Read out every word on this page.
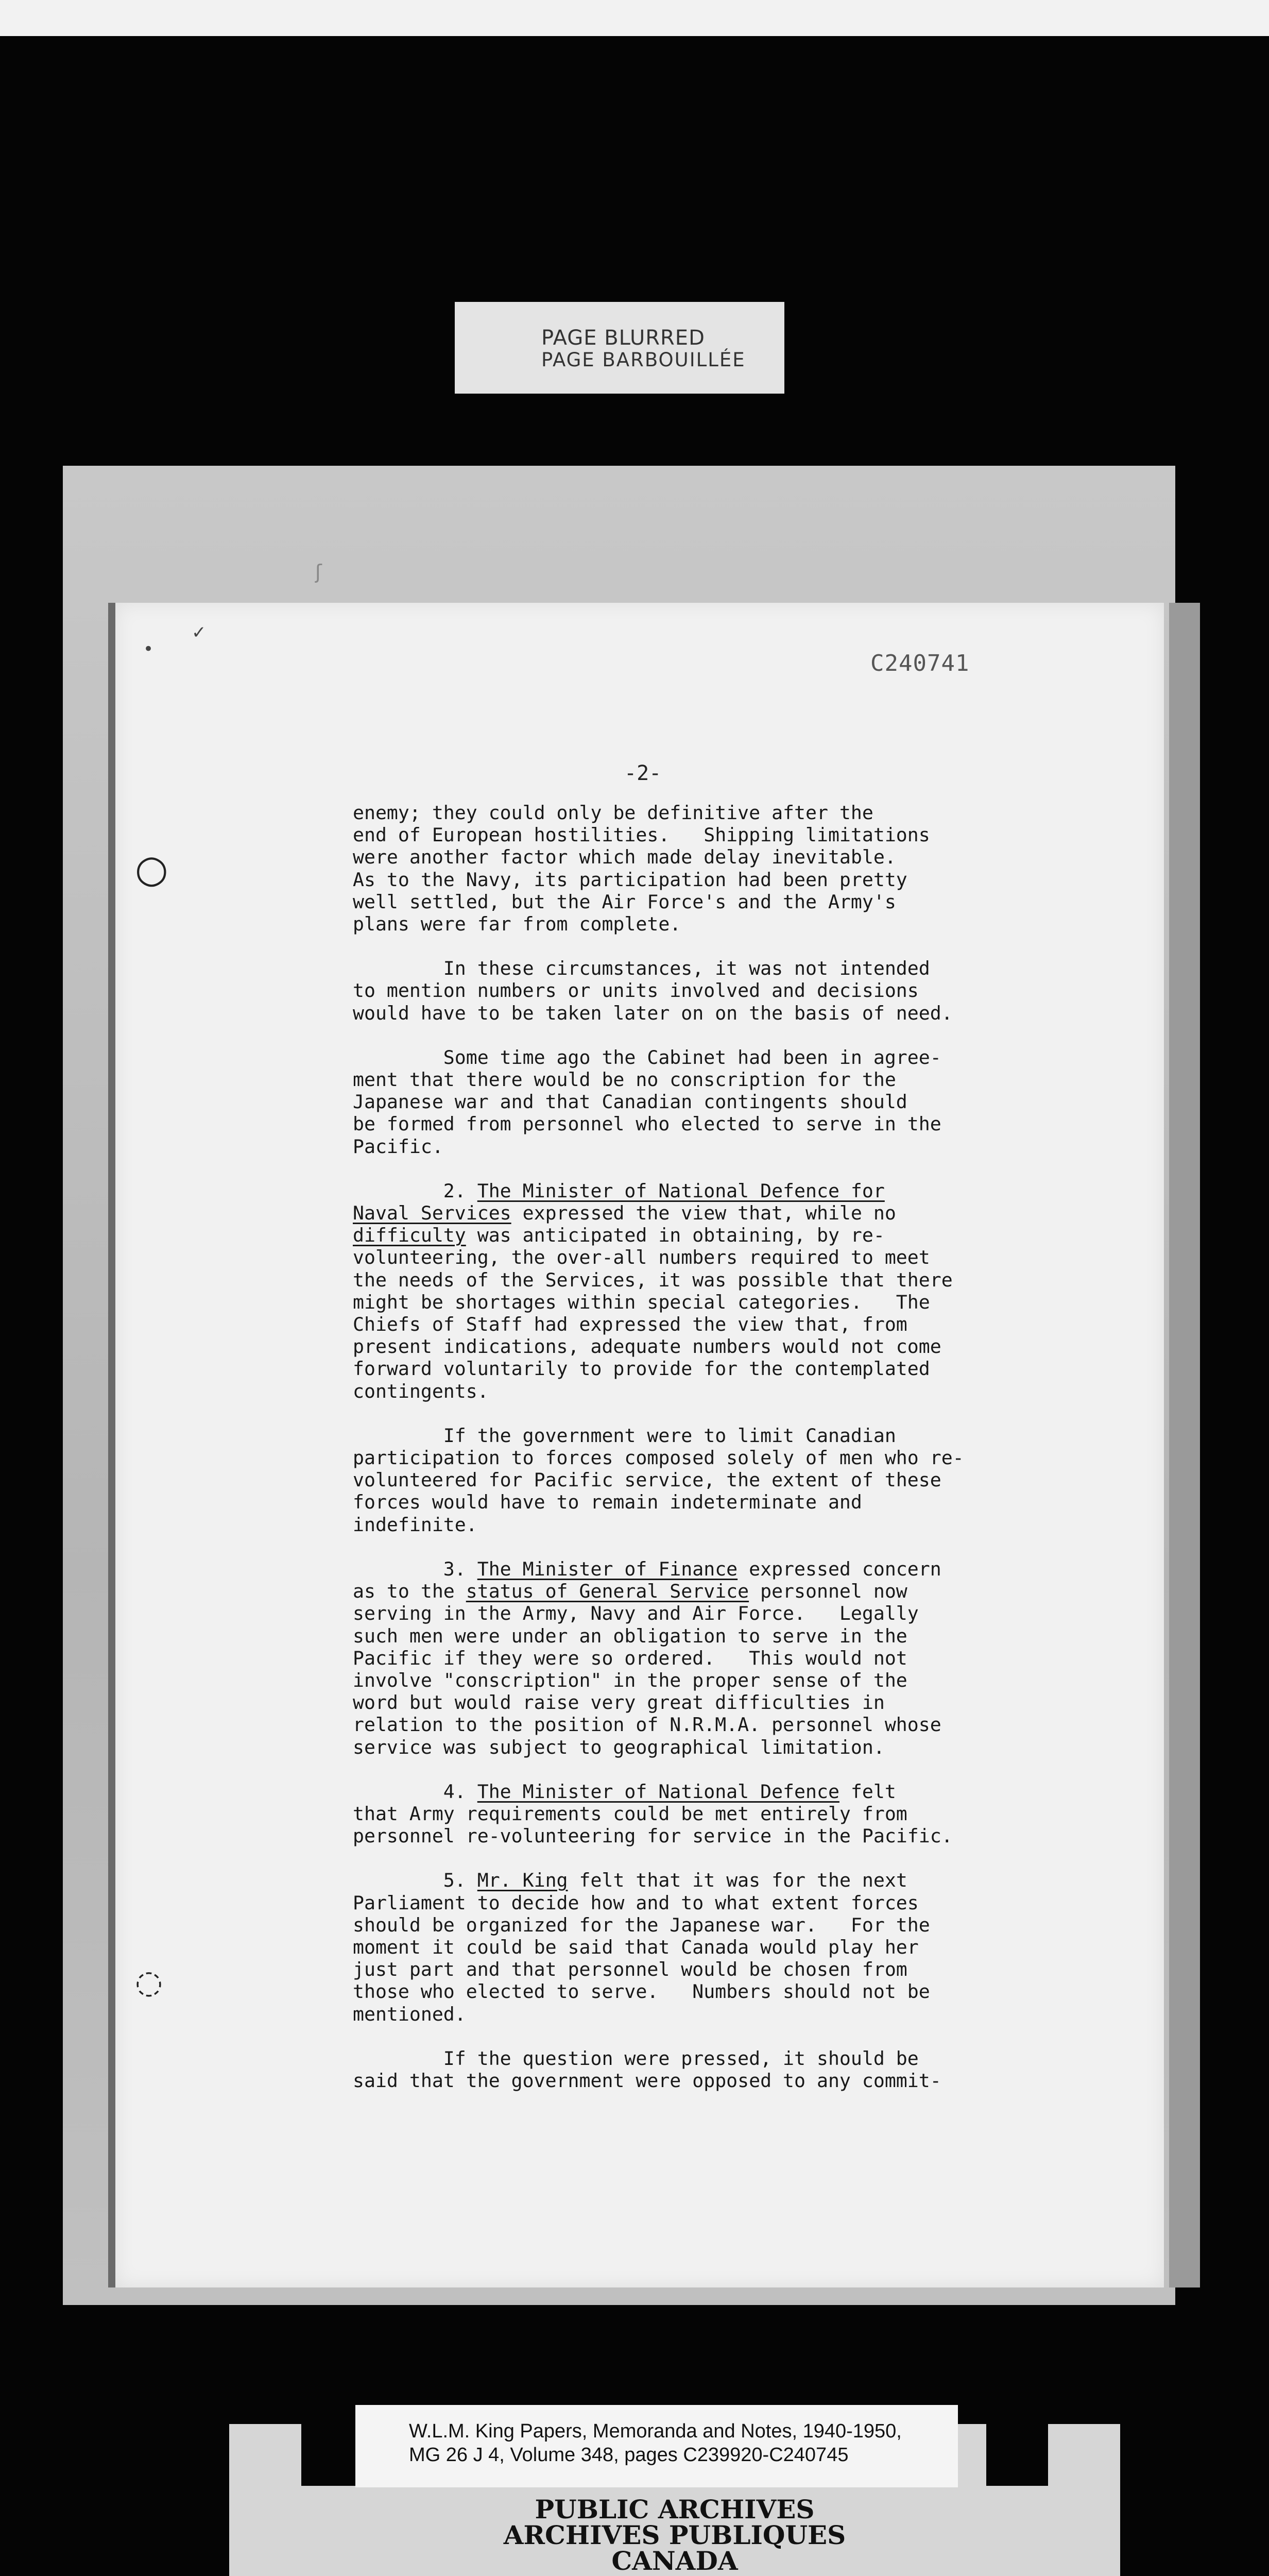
PAGE BLURRED
PAGE BARBOUILLÉE
ʃ
•
✓
○
◌
C240741
-2-

enemy; they could only be definitive after the
end of European hostilities.   Shipping limitations
were another factor which made delay inevitable.
As to the Navy, its participation had been pretty
well settled, but the Air Force's and the Army's
plans were far from complete.

In these circumstances, it was not intended
to mention numbers or units involved and decisions
would have to be taken later on on the basis of need.

Some time ago the Cabinet had been in agree-
ment that there would be no conscription for the
Japanese war and that Canadian contingents should
be formed from personnel who elected to serve in the
Pacific.

2. The Minister of National Defence for
Naval Services expressed the view that, while no
difficulty was anticipated in obtaining, by re-
volunteering, the over-all numbers required to meet
the needs of the Services, it was possible that there
might be shortages within special categories.   The
Chiefs of Staff had expressed the view that, from
present indications, adequate numbers would not come
forward voluntarily to provide for the contemplated
contingents.

If the government were to limit Canadian
participation to forces composed solely of men who re-
volunteered for Pacific service, the extent of these
forces would have to remain indeterminate and
indefinite.

3. The Minister of Finance expressed concern
as to the status of General Service personnel now
serving in the Army, Navy and Air Force.   Legally
such men were under an obligation to serve in the
Pacific if they were so ordered.   This would not
involve "conscription" in the proper sense of the
word but would raise very great difficulties in
relation to the position of N.R.M.A. personnel whose
service was subject to geographical limitation.

4. The Minister of National Defence felt
that Army requirements could be met entirely from
personnel re-volunteering for service in the Pacific.

5. Mr. King felt that it was for the next
Parliament to decide how and to what extent forces
should be organized for the Japanese war.   For the
moment it could be said that Canada would play her
just part and that personnel would be chosen from
those who elected to serve.   Numbers should not be
mentioned.

If the question were pressed, it should be
said that the government were opposed to any commit-

W.L.M. King Papers, Memoranda and Notes, 1940-1950,
MG 26 J 4, Volume 348, pages C239920-C240745
PUBLIC ARCHIVES
ARCHIVES PUBLIQUES
CANADA
